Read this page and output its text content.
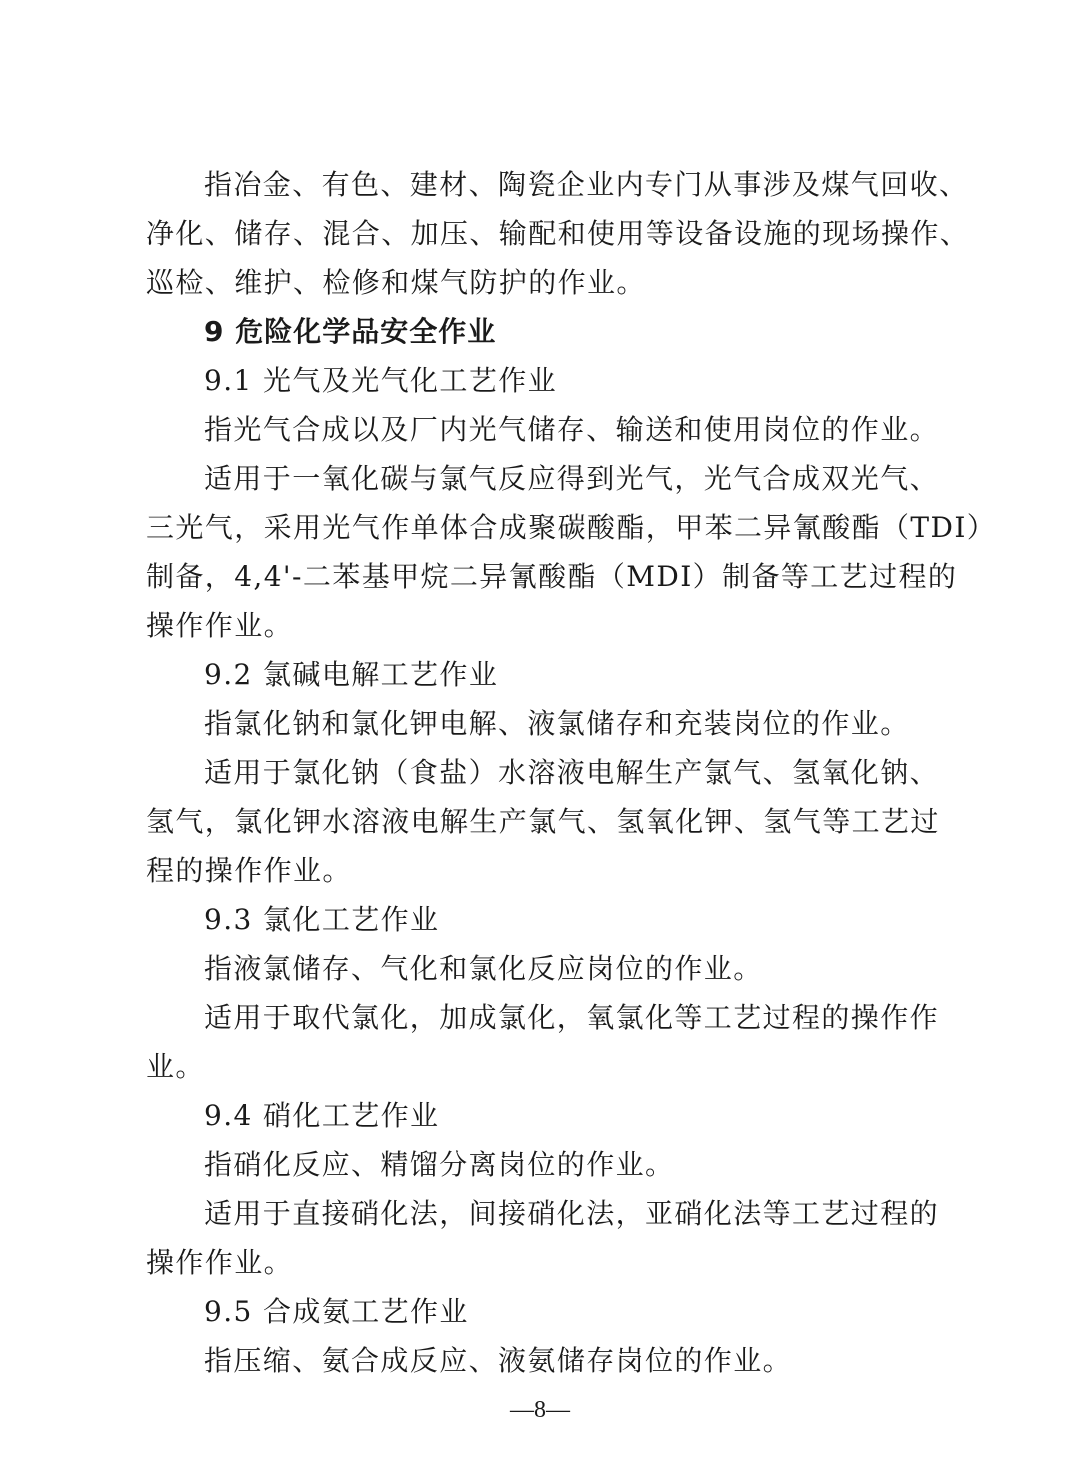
指冶金、有色、建材、陶瓷企业内专门从事涉及煤气回收、

净化、储存、混合、加压、输配和使用等设备设施的现场操作、

巡检、维护、检修和煤气防护的作业。

9 危险化学品安全作业

9.1 光气及光气化工艺作业

指光气合成以及厂内光气储存、输送和使用岗位的作业。

适用于一氧化碳与氯气反应得到光气，光气合成双光气、

三光气，采用光气作单体合成聚碳酸酯，甲苯二异氰酸酯（TDI）

制备，4,4'-二苯基甲烷二异氰酸酯（MDI）制备等工艺过程的

操作作业。

9.2 氯碱电解工艺作业

指氯化钠和氯化钾电解、液氯储存和充装岗位的作业。

适用于氯化钠（食盐）水溶液电解生产氯气、氢氧化钠、

氢气，氯化钾水溶液电解生产氯气、氢氧化钾、氢气等工艺过

程的操作作业。

9.3 氯化工艺作业

指液氯储存、气化和氯化反应岗位的作业。

适用于取代氯化，加成氯化，氧氯化等工艺过程的操作作

业。

9.4 硝化工艺作业

指硝化反应、精馏分离岗位的作业。

适用于直接硝化法，间接硝化法，亚硝化法等工艺过程的

操作作业。

9.5 合成氨工艺作业

指压缩、氨合成反应、液氨储存岗位的作业。

—8—
